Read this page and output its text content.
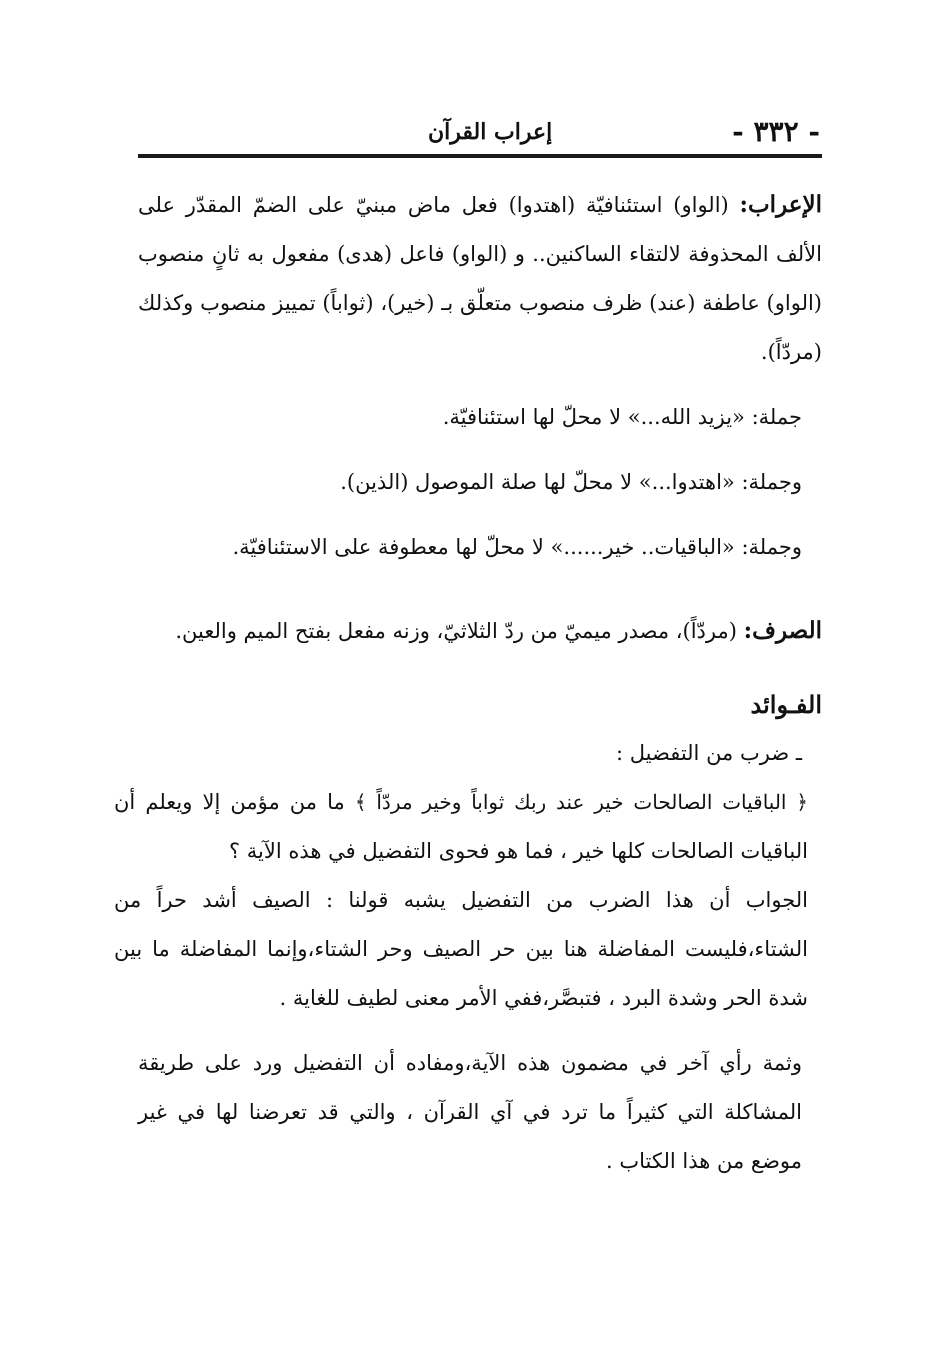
- ٣٣٢ -
إعراب القرآن

الإعراب: (الواو) استئنافيّة (اهتدوا) فعل ماض مبنيّ على الضمّ المقدّر على الألف المحذوفة لالتقاء الساكنين.. و (الواو) فاعل (هدى) مفعول به ثانٍ منصوب (الواو) عاطفة (عند) ظرف منصوب متعلّق بـ (خير)، (ثواباً) تمييز منصوب وكذلك (مردّاً).

جملة: «يزيد الله...» لا محلّ لها استئنافيّة.

وجملة: «اهتدوا...» لا محلّ لها صلة الموصول (الذين).

وجملة: «الباقيات.. خير......» لا محلّ لها معطوفة على الاستئنافيّة.

الصرف: (مردّاً)، مصدر ميميّ من ردّ الثلاثيّ، وزنه مفعل بفتح الميم والعين.

الفـوائد

ـ ضرب من التفضيل :

﴿ الباقيات الصالحات خير عند ربك ثواباً وخير مردّاً ﴾ ما من مؤمن إلا ويعلم أن الباقيات الصالحات كلها خير ، فما هو فحوى التفضيل في هذه الآية ؟

الجواب أن هذا الضرب من التفضيل يشبه قولنا : الصيف أشد حراً من الشتاء،فليست المفاضلة هنا بين حر الصيف وحر الشتاء،وإنما المفاضلة ما بين شدة الحر وشدة البرد ، فتبصَّر،ففي الأمر معنى لطيف للغاية .

وثمة رأي آخر في مضمون هذه الآية،ومفاده أن التفضيل ورد على طريقة المشاكلة التي كثيراً ما ترد في آي القرآن ، والتي قد تعرضنا لها في غير موضع من هذا الكتاب .
